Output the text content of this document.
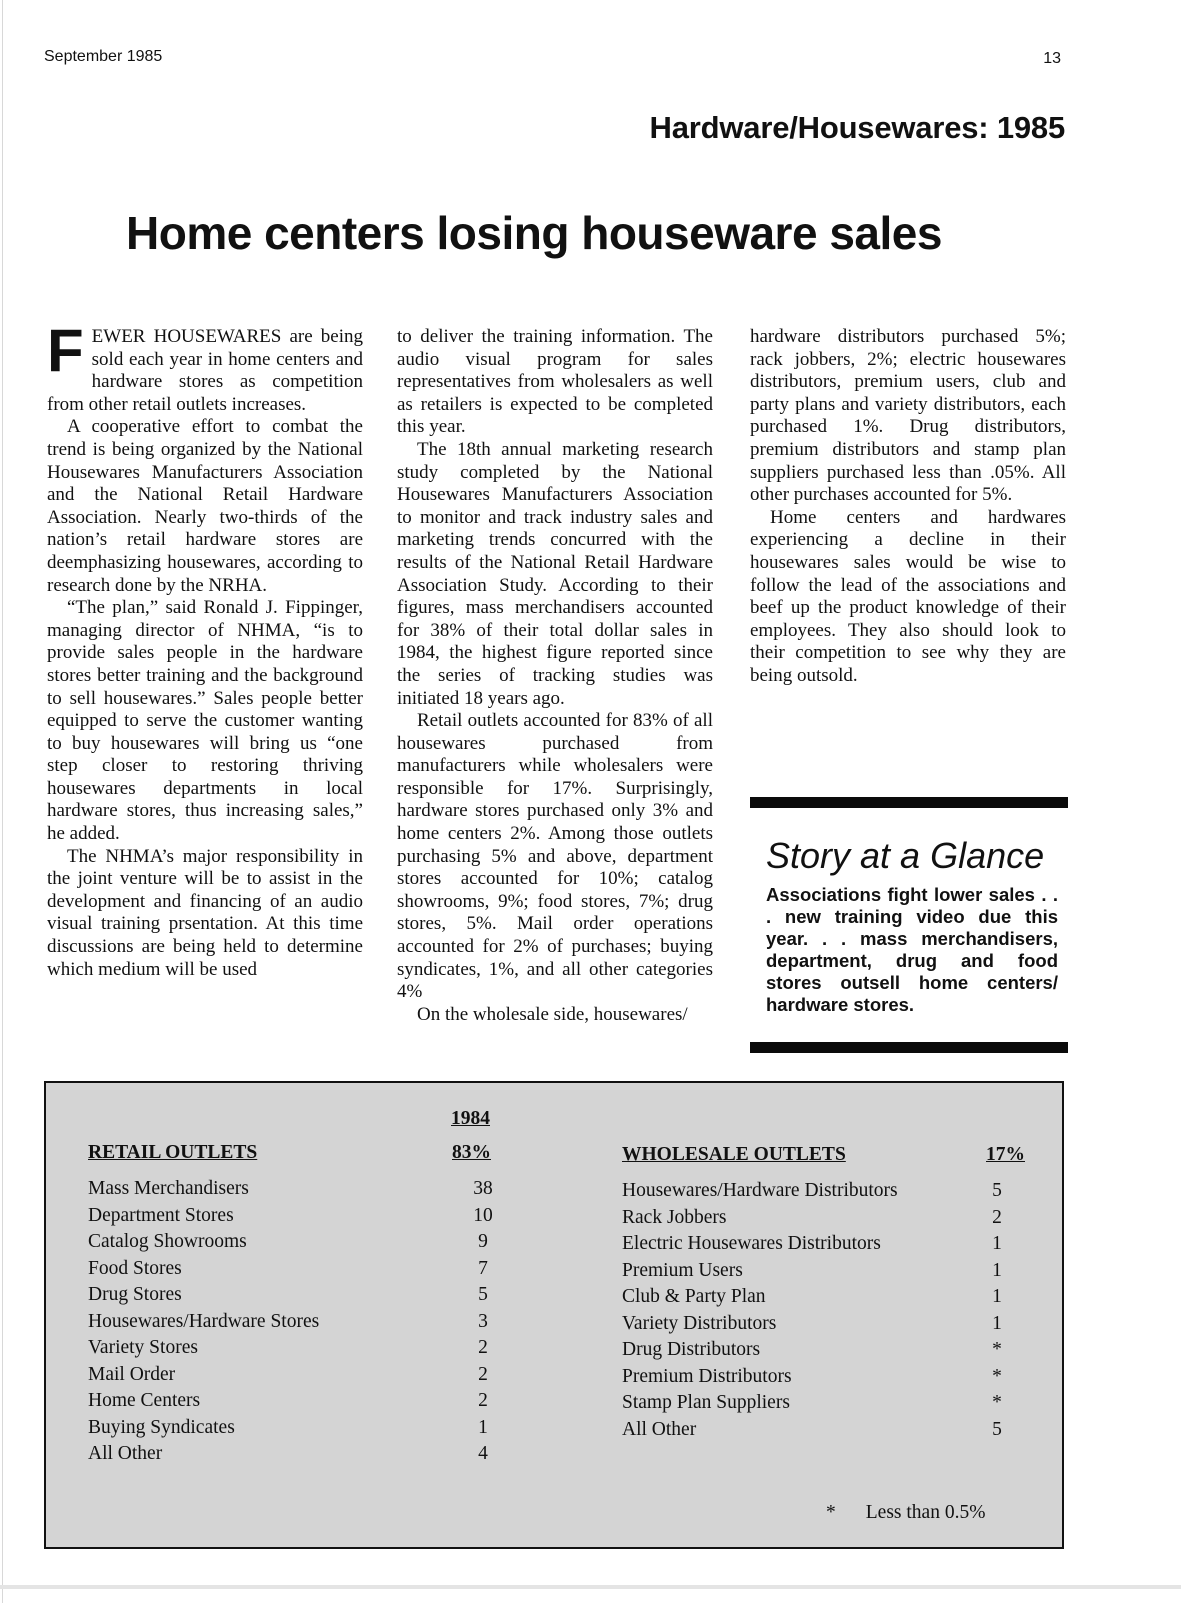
September 1985	13
Hardware/Housewares: 1985
Home centers losing houseware sales

FEWER HOUSEWARES are being sold each year in home centers and hardware stores as competition from other retail outlets increases.

A cooperative effort to combat the trend is being organized by the National Housewares Manufacturers Association and the National Retail Hardware Association. Nearly two-thirds of the nation’s retail hardware stores are deemphasizing housewares, according to research done by the NRHA.

“The plan,” said Ronald J. Fippinger, managing director of NHMA, “is to provide sales people in the hardware stores better training and the background to sell housewares.” Sales people better equipped to serve the customer wanting to buy housewares will bring us “one step closer to restoring thriving housewares departments in local hardware stores, thus increasing sales,” he added.

The NHMA’s major responsibility in the joint venture will be to assist in the development and financing of an audio visual training prsentation. At this time discussions are being held to determine which medium will be used

to deliver the training information. The audio visual program for sales representatives from wholesalers as well as retailers is expected to be completed this year.

The 18th annual marketing research study completed by the National Housewares Manufacturers Association to monitor and track industry sales and marketing trends concurred with the results of the National Retail Hardware Association Study. According to their figures, mass merchandisers accounted for 38% of their total dollar sales in 1984, the highest figure reported since the series of tracking studies was initiated 18 years ago.

Retail outlets accounted for 83% of all housewares purchased from manufacturers while wholesalers were responsible for 17%. Surprisingly, hardware stores purchased only 3% and home centers 2%. Among those outlets purchasing 5% and above, department stores accounted for 10%; catalog showrooms, 9%; food stores, 7%; drug stores, 5%. Mail order operations accounted for 2% of purchases; buying syndicates, 1%, and all other categories 4%

On the wholesale side, housewares/

hardware distributors purchased 5%; rack jobbers, 2%; electric housewares distributors, premium users, club and party plans and variety distributors, each purchased 1%. Drug distributors, premium distributors and stamp plan suppliers purchased less than .05%. All other purchases accounted for 5%.

Home centers and hardwares experiencing a decline in their housewares sales would be wise to follow the lead of the associations and beef up the product knowledge of their employees. They also should look to their competition to see why they are being outsold.

Story at a Glance
Associations fight lower sales . . . new training video due this year. . . mass merchandisers, department, drug and food stores outsell home centers/ hardware stores.
1984
RETAIL OUTLETS	83%	WHOLESALE OUTLETS	17%
Mass Merchandisers	38
Department Stores	10
Catalog Showrooms	9
Food Stores	7
Drug Stores	5
Housewares/Hardware Stores	3
Variety Stores	2
Mail Order	2
Home Centers	2
Buying Syndicates	1
All Other	4
Housewares/Hardware Distributors	5
Rack Jobbers	2
Electric Housewares Distributors	1
Premium Users	1
Club & Party Plan	1
Variety Distributors	1
Drug Distributors	*
Premium Distributors	*
Stamp Plan Suppliers	*
All Other	5
* Less than 0.5%
